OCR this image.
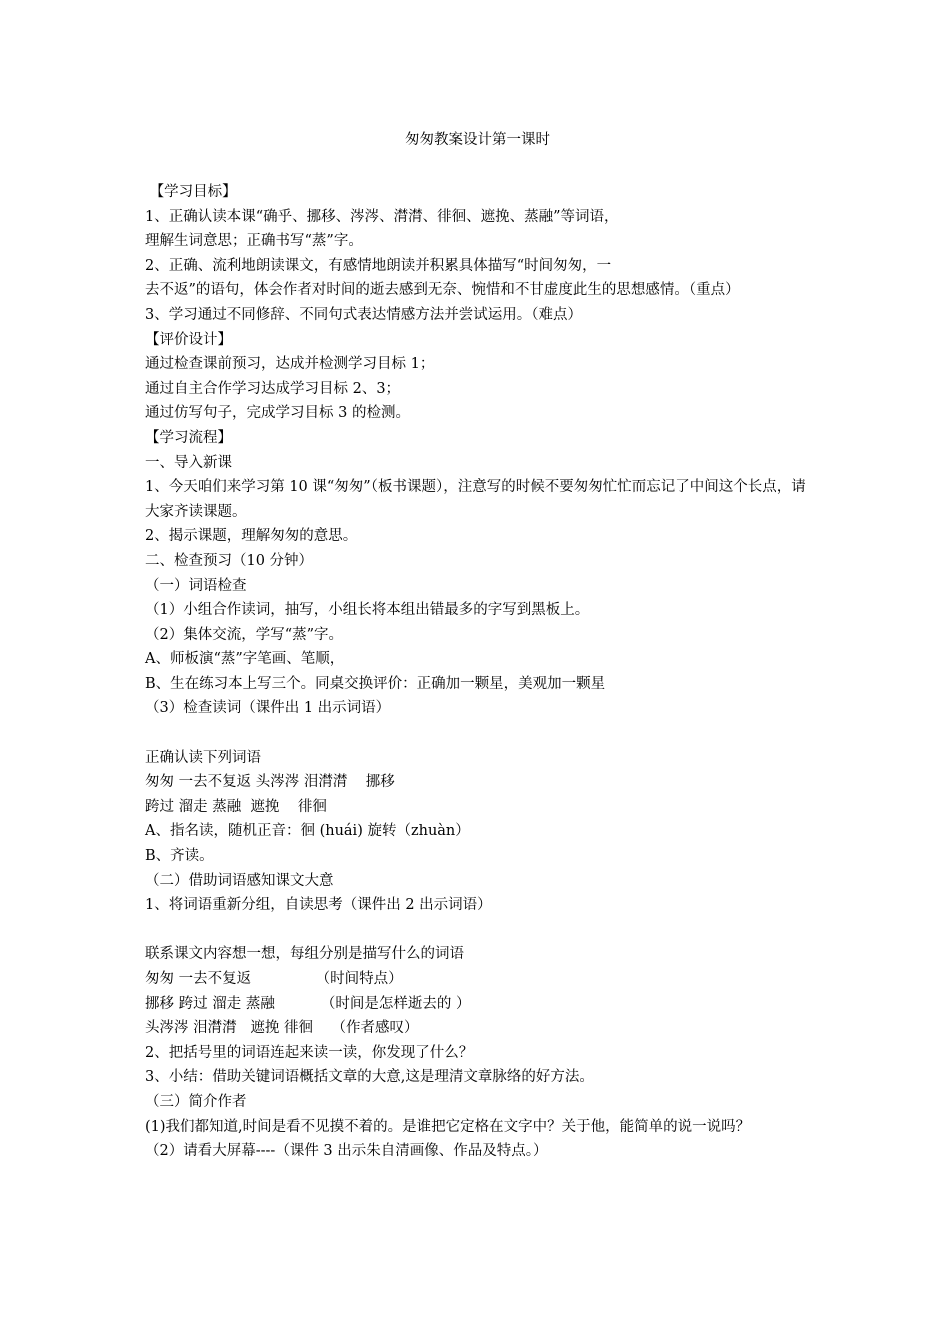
匆匆教案设计第一课时
【学习目标】
1、正确认读本课“确乎、挪移、涔涔、潸潸、徘徊、遮挽、蒸融”等词语，
理解生词意思；正确书写“蒸”字。
2、正确、流利地朗读课文，有感情地朗读并积累具体描写“时间匆匆，一
去不返”的语句，体会作者对时间的逝去感到无奈、惋惜和不甘虚度此生的思想感情。（重点）
3、学习通过不同修辞、不同句式表达情感方法并尝试运用。（难点）
【评价设计】
通过检查课前预习，达成并检测学习目标 1；
通过自主合作学习达成学习目标 2、3；
通过仿写句子，完成学习目标 3 的检测。
【学习流程】
一、导入新课
1、今天咱们来学习第 10 课“匆匆”（板书课题），注意写的时候不要匆匆忙忙而忘记了中间这个长点，请大家齐读课题。
2、揭示课题，理解匆匆的意思。
二、检查预习（10 分钟）
（一）词语检查
（1）小组合作读词，抽写，小组长将本组出错最多的字写到黑板上。
（2）集体交流，学写“蒸”字。
A、师板演“蒸”字笔画、笔顺，
B、生在练习本上写三个。同桌交换评价：正确加一颗星，美观加一颗星
（3）检查读词（课件出 1 出示词语）
正确认读下列词语
匆匆 一去不复返 头涔涔 泪潸潸    挪移
跨过 溜走 蒸融  遮挽    徘徊
A、指名读，随机正音：徊 (huái) 旋转（zhuàn）
B、齐读。
（二）借助词语感知课文大意
1、将词语重新分组，自读思考（课件出 2 出示词语）
联系课文内容想一想，每组分别是描写什么的词语
匆匆 一去不复返              （时间特点）
挪移 跨过 溜走 蒸融          （时间是怎样逝去的 ）
头涔涔 泪潸潸   遮挽 徘徊    （作者感叹）
2、把括号里的词语连起来读一读，你发现了什么？
3、小结：借助关键词语概括文章的大意,这是理清文章脉络的好方法。
（三）简介作者
(1)我们都知道,时间是看不见摸不着的。是谁把它定格在文字中？关于他，能简单的说一说吗？
（2）请看大屏幕----（课件 3 出示朱自清画像、作品及特点。）
